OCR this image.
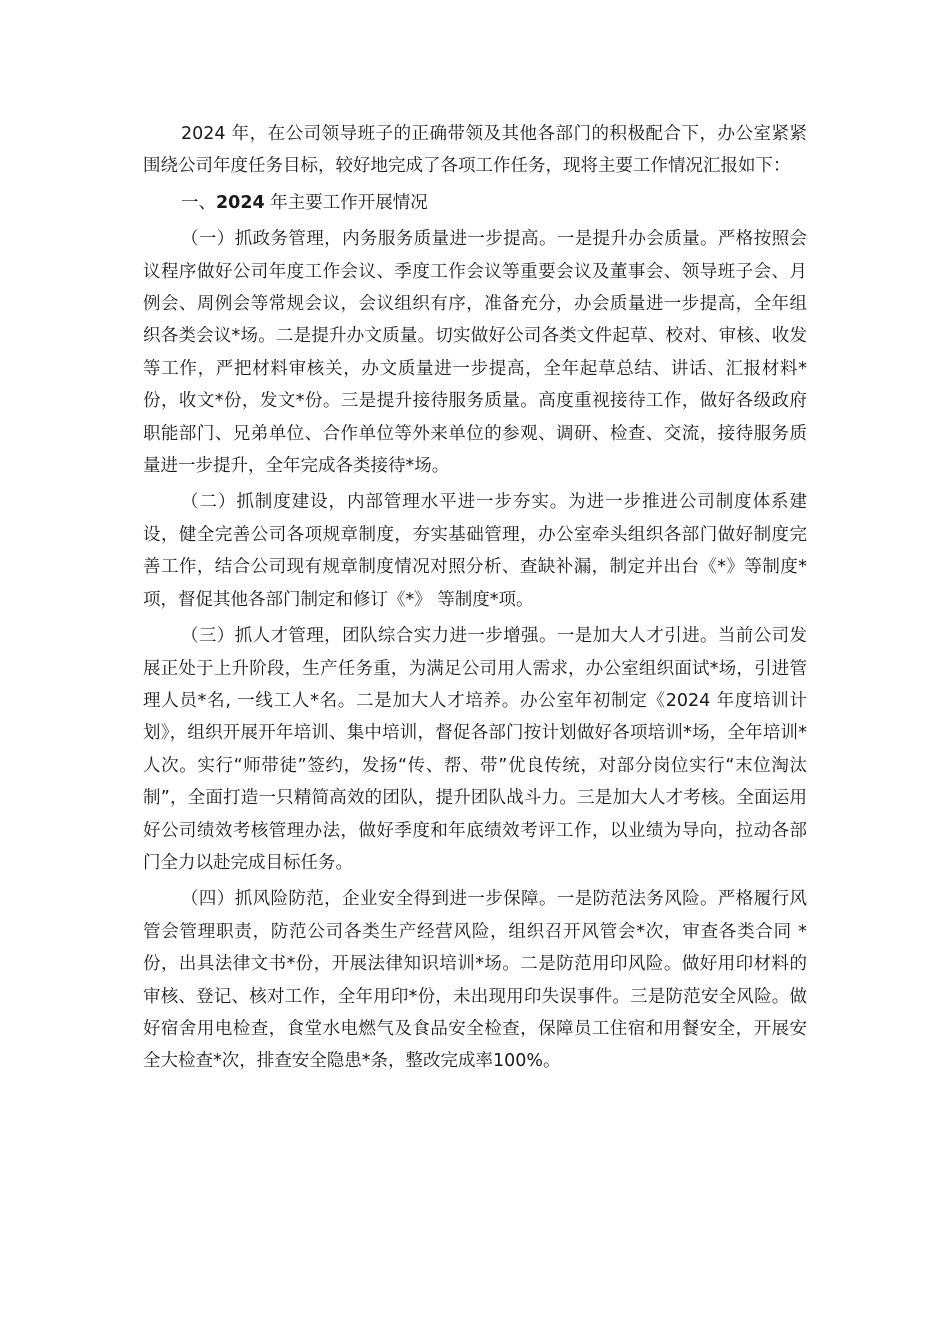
2024 年，在公司领导班子的正确带领及其他各部门的积极配合下，办公室紧紧围绕公司年度任务目标，较好地完成了各项工作任务，现将主要工作情况汇报如下：

一、2024 年主要工作开展情况

（一）抓政务管理，内务服务质量进一步提高。一是提升办会质量。严格按照会议程序做好公司年度工作会议、季度工作会议等重要会议及董事会、领导班子会、月例会、周例会等常规会议，会议组织有序，准备充分，办会质量进一步提高，全年组织各类会议*场。二是提升办文质量。切实做好公司各类文件起草、校对、审核、收发等工作，严把材料审核关，办文质量进一步提高，全年起草总结、讲话、汇报材料*份，收文*份，发文*份。三是提升接待服务质量。高度重视接待工作，做好各级政府职能部门、兄弟单位、合作单位等外来单位的参观、调研、检查、交流，接待服务质量进一步提升，全年完成各类接待*场。

（二）抓制度建设，内部管理水平进一步夯实。为进一步推进公司制度体系建设，健全完善公司各项规章制度，夯实基础管理，办公室牵头组织各部门做好制度完善工作，结合公司现有规章制度情况对照分析、查缺补漏，制定并出台《*》等制度*项，督促其他各部门制定和修订《*》 等制度*项。

（三）抓人才管理，团队综合实力进一步增强。一是加大人才引进。当前公司发展正处于上升阶段，生产任务重，为满足公司用人需求，办公室组织面试*场，引进管理人员*名, 一线工人*名。二是加大人才培养。办公室年初制定《2024 年度培训计划》，组织开展开年培训、集中培训，督促各部门按计划做好各项培训*场，全年培训*人次。实行“师带徒”签约，发扬“传、帮、带”优良传统，对部分岗位实行“末位淘汰制”，全面打造一只精简高效的团队，提升团队战斗力。三是加大人才考核。全面运用好公司绩效考核管理办法，做好季度和年底绩效考评工作，以业绩为导向，拉动各部门全力以赴完成目标任务。

（四）抓风险防范，企业安全得到进一步保障。一是防范法务风险。严格履行风管会管理职责，防范公司各类生产经营风险，组织召开风管会*次，审查各类合同 *份，出具法律文书*份，开展法律知识培训*场。二是防范用印风险。做好用印材料的审核、登记、核对工作，全年用印*份，未出现用印失误事件。三是防范安全风险。做好宿舍用电检查，食堂水电燃气及食品安全检查，保障员工住宿和用餐安全，开展安全大检查*次，排查安全隐患*条，整改完成率100%。
